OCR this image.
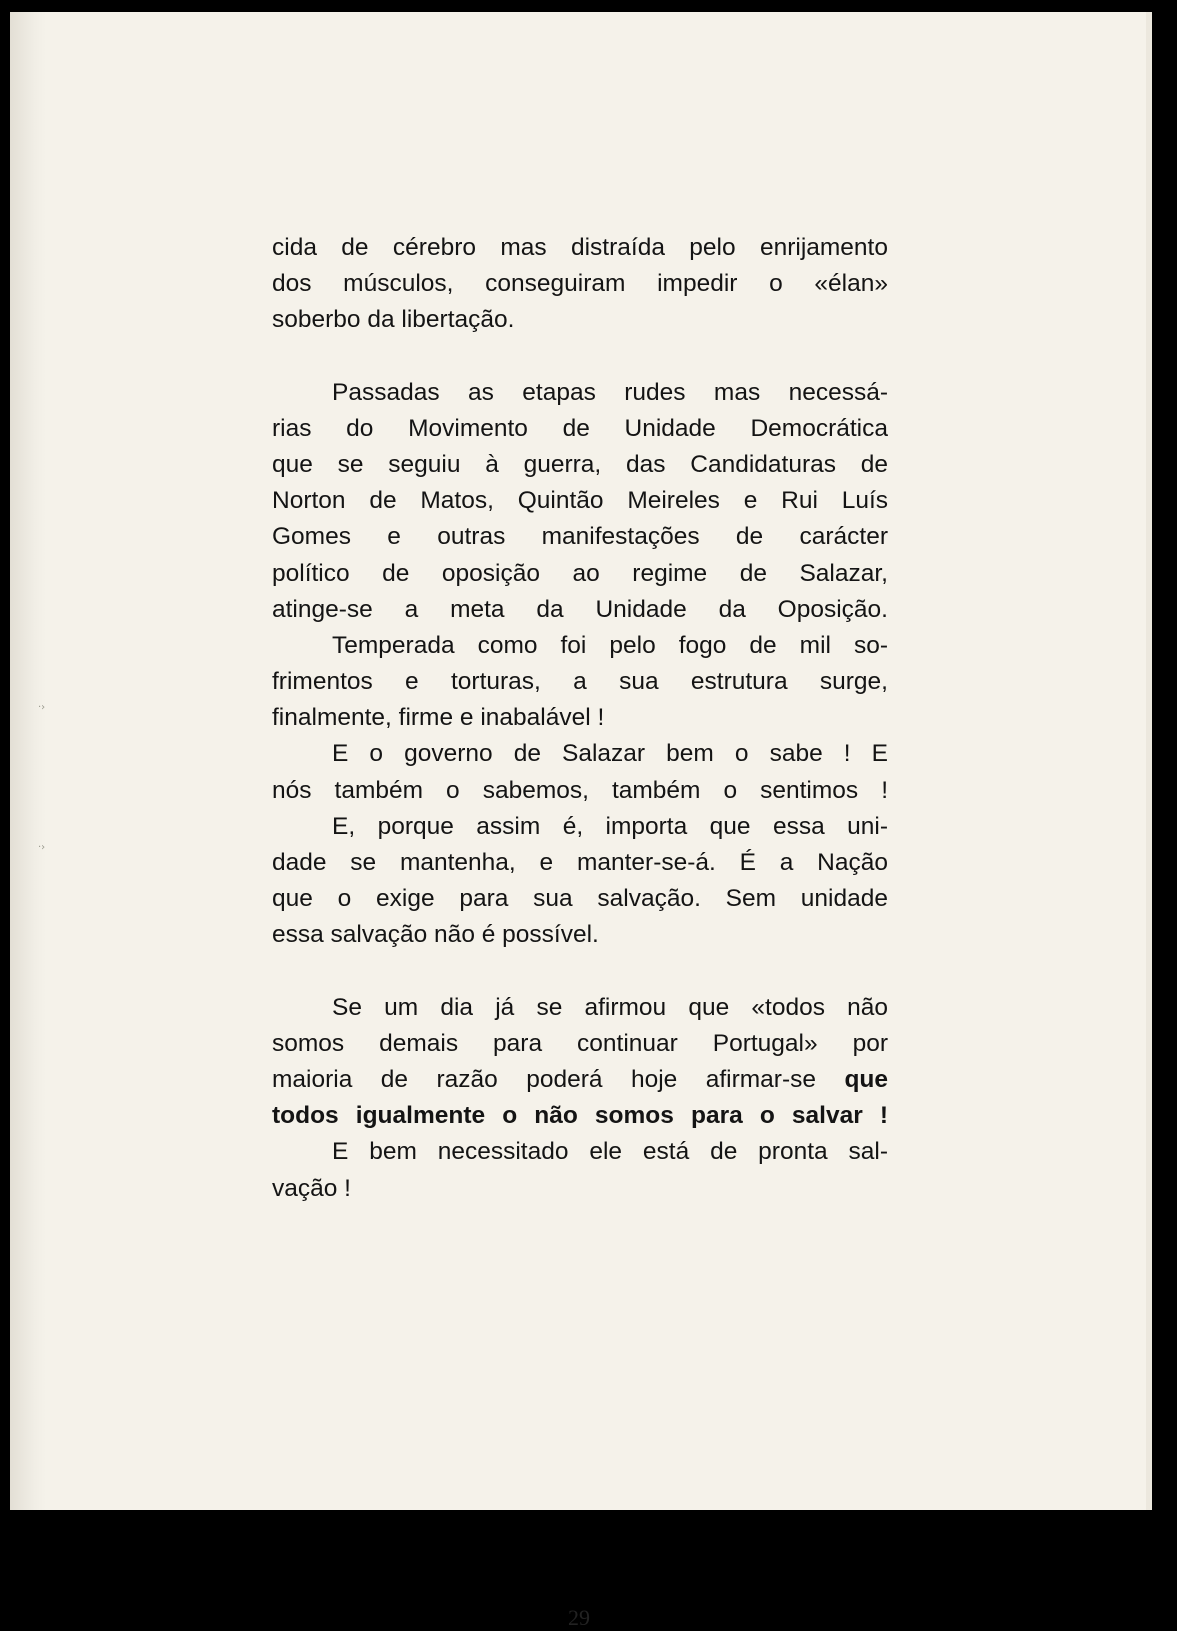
·›
·›

cida de cérebro mas distraída pelo enrijamento
dos músculos, conseguiram impedir o «élan»
soberbo da libertação.

Passadas as etapas rudes mas necessá-
rias do Movimento de Unidade Democrática
que se seguiu à guerra, das Candidaturas de
Norton de Matos, Quintão Meireles e Rui Luís
Gomes e outras manifestações de carácter
político de oposição ao regime de Salazar,
atinge-se a meta da Unidade da Oposição.

Temperada como foi pelo fogo de mil so-
frimentos e torturas, a sua estrutura surge,
finalmente, firme e inabalável !

E o governo de Salazar bem o sabe ! E
nós também o sabemos, também o sentimos !

E, porque assim é, importa que essa uni-
dade se mantenha, e manter-se-á. É a Nação
que o exige para sua salvação. Sem unidade
essa salvação não é possível.

Se um dia já se afirmou que «todos não
somos demais para continuar Portugal» por
maioria de razão poderá hoje afirmar-se que
todos igualmente o não somos para o salvar !

E bem necessitado ele está de pronta sal-
vação !

29
